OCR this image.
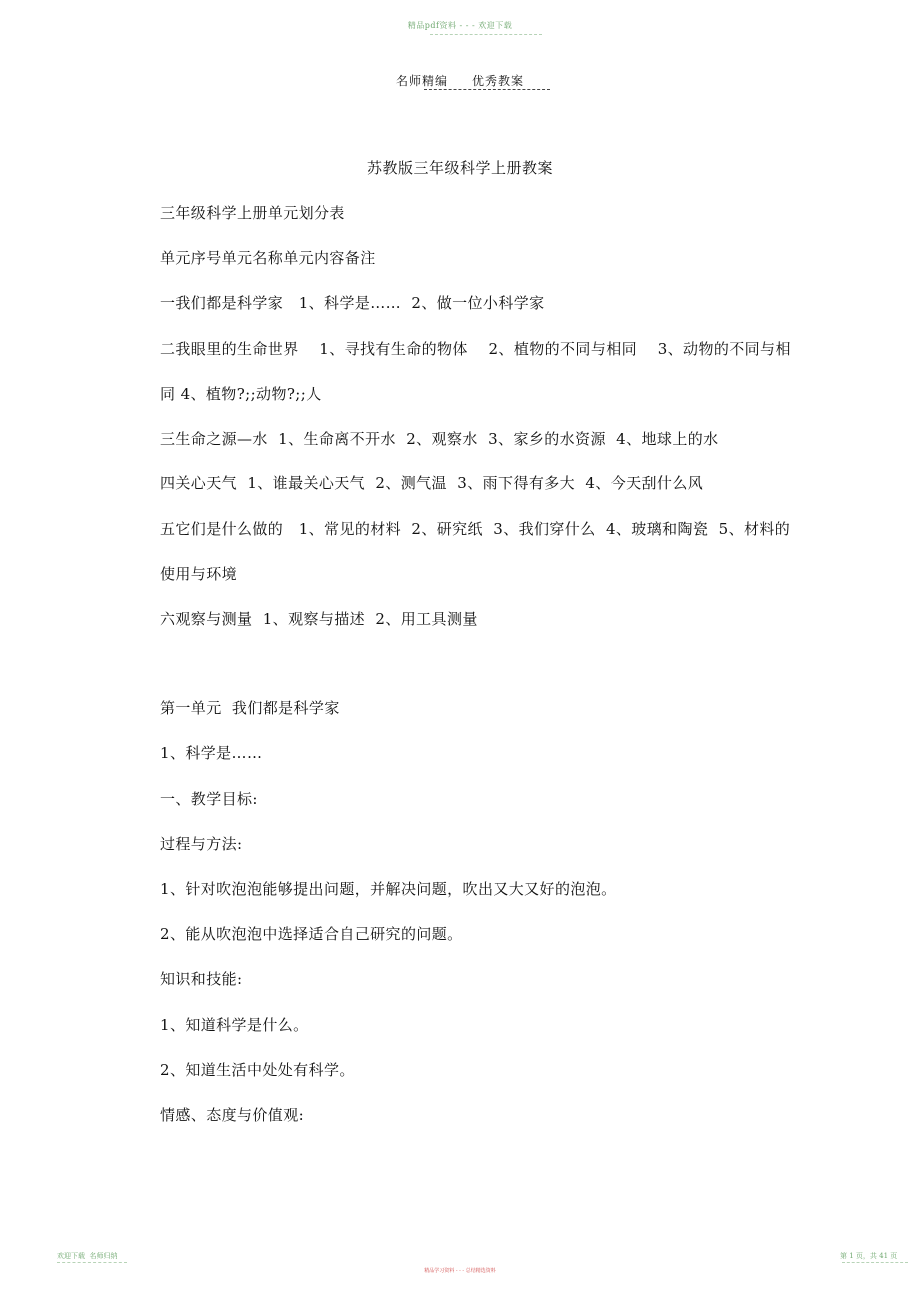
精品pdf资料 - - - 欢迎下载
名师精编     优秀教案
苏教版三年级科学上册教案
三年级科学上册单元划分表
单元序号单元名称单元内容备注
一我们都是科学家   1、科学是……  2、做一位小科学家
二我眼里的生命世界    1、寻找有生命的物体    2、植物的不同与相同    3、动物的不同与相
同 4、植物?;;动物?;;人
三生命之源—水  1、生命离不开水  2、观察水  3、家乡的水资源  4、地球上的水
四关心天气  1、谁最关心天气  2、测气温  3、雨下得有多大  4、今天刮什么风
五它们是什么做的   1、常见的材料  2、研究纸  3、我们穿什么  4、玻璃和陶瓷  5、材料的
使用与环境
六观察与测量  1、观察与描述  2、用工具测量
第一单元  我们都是科学家
1、科学是……
一、教学目标:
过程与方法:
1、针对吹泡泡能够提出问题，并解决问题，吹出又大又好的泡泡。
2、能从吹泡泡中选择适合自己研究的问题。
知识和技能:
1、知道科学是什么。
2、知道生活中处处有科学。
情感、态度与价值观:
欢迎下载  名师归纳
精品学习资料 - - - 总结精选资料
第 1 页，共 41 页
